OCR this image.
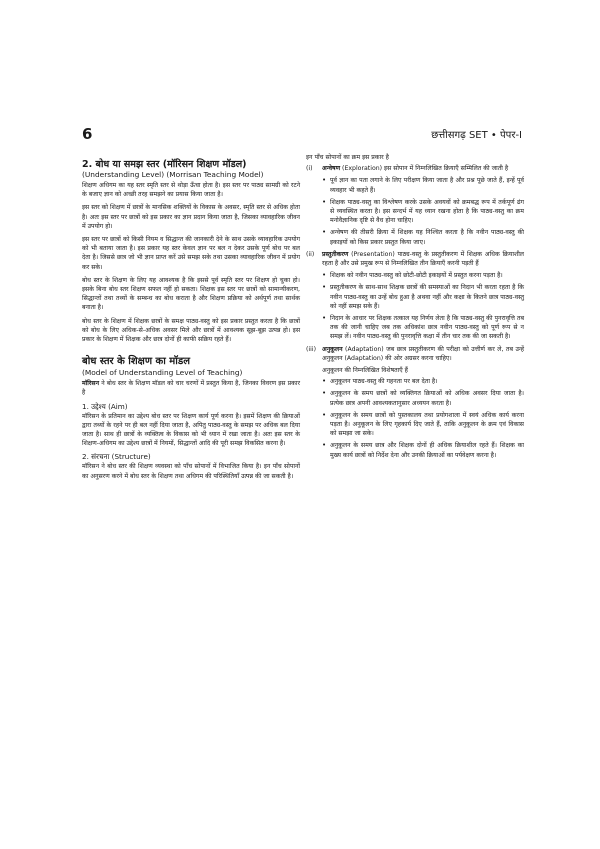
6	छत्तीसगढ़ SET • पेपर-I
2. बोध या समझ स्तर (मॉरिसन शिक्षण मॉडल)
(Understanding Level) (Morrisan Teaching Model)

शिक्षण अधिगम का यह स्तर स्मृति स्तर से थोड़ा ऊँचा होता है। इस स्तर पर पाठ्य सामग्री को रटने के बजाए ज्ञान को अच्छी तरह समझने का प्रयास किया जाता है।

इस स्तर को शिक्षण में छात्रों के मानसिक शक्तियों के विकास के अवसर, स्मृति स्तर से अधिक होता है। अतः इस स्तर पर छात्रों को इस प्रकार का ज्ञान प्रदान किया जाता है, जिसका व्यावहारिक जीवन में उपयोग हो।

इस स्तर पर छात्रों को किसी नियम व सिद्धान्त की जानकारी देने के साथ उसके व्यावहारिक उपयोग को भी बताया जाता है। इस प्रकार यह स्तर केवल ज्ञान पर बल न देकर उसके पूर्ण बोध पर बल देता है। जिससे छात्र जो भी ज्ञान प्राप्त करें उसे समझ सके तथा उसका व्यावहारिक जीवन में प्रयोग कर सके।

बोध स्तर के शिक्षण के लिए यह आवश्यक है कि इससे पूर्व स्मृति स्तर पर शिक्षण हो चुका हो। इसके बिना बोध स्तर शिक्षण सफल नहीं हो सकता। शिक्षक इस स्तर पर छात्रों को सामान्यीकरण, सिद्धान्तों तथा तथ्यों के सम्बन्ध का बोध कराता है और शिक्षण प्रक्रिया को अर्थपूर्ण तथा सार्थक बनाता है।

बोध स्तर के शिक्षण में शिक्षक छात्रों के समक्ष पाठ्य-वस्तु को इस प्रकार प्रस्तुत करता है कि छात्रों को बोध के लिए अधिक-से-अधिक अवसर मिले और छात्रों में आवश्यक सूझ-बूझ उत्पन्न हो। इस प्रकार के शिक्षण में शिक्षक और छात्र दोनों ही काफी सक्रिय रहते हैं।

बोध स्तर के शिक्षण का मॉडल
(Model of Understanding Level of Teaching)

मॉरिसन ने बोध स्तर के शिक्षण मॉडल को चार चरणों में प्रस्तुत किया है, जिनका विवरण इस प्रकार है

1. उद्देश्य (Aim)

मॉरिसन के प्रतिमान का उद्देश्य बोध स्तर पर शिक्षण कार्य पूर्ण करना है। इसमें शिक्षण की क्रियाओं द्वारा तथ्यों के रहने पर ही बल नहीं दिया जाता है, अपितु पाठ्य-वस्तु के समझ पर अधिक बल दिया जाता है। साथ ही छात्रों के व्यक्तित्व के विकास को भी ध्यान में रखा जाता है। अतः इस स्तर के शिक्षण-अधिगम का उद्देश्य छात्रों में नियमों, सिद्धान्तों आदि की पूरी समझ विकसित करना है।

2. संरचना (Structure)

मॉरिसन ने बोध स्तर की शिक्षण व्यवस्था को पाँच सोपानों में विभाजित किया है। इन पाँच सोपानों का अनुसरण करने में बोध स्तर के शिक्षण तथा अधिगम की परिस्थितियाँ उत्पन्न की जा सकती है।

इन पाँच सोपानों का क्रम इस प्रकार है

(i) अन्वेषण (Exploration) इस सोपान में निम्नलिखित क्रियाएँ सम्मिलित की जाती है
• पूर्व ज्ञान का पता लगाने के लिए परीक्षण किया जाता है और प्रश्न पूछे जाते हैं, इन्हें पूर्व व्यवहार भी कहते हैं।
• शिक्षक पाठ्य-वस्तु का विश्लेषण करके उसके अवयवों को क्रमबद्ध रूप में तर्कपूर्ण ढंग से व्यवस्थित करता है। इस सन्दर्भ में यह ध्यान रखना होता है कि पाठ्य-वस्तु का क्रम मनोवैज्ञानिक दृष्टि से वैध होना चाहिए।
• अन्वेषण की तीसरी क्रिया में शिक्षक यह निश्चित करता है कि नवीन पाठ्य-वस्तु की इकाइयों को किस प्रकार प्रस्तुत किया जाए।
(ii) प्रस्तुतीकरण (Presentation) पाठ्य-वस्तु के प्रस्तुतीकरण में शिक्षक अधिक क्रियाशील रहता है और उसे प्रमुख रूप से निम्नलिखित तीन क्रियाएँ करनी पड़ती हैं
• शिक्षक को नवीन पाठ्य-वस्तु को छोटी-छोटी इकाइयों में प्रस्तुत करना पड़ता है।
• प्रस्तुतीकरण के साथ-साथ शिक्षक छात्रों की समस्याओं का निदान भी करता रहता है कि नवीन पाठ्य-वस्तु का उन्हें बोध हुआ है अथवा नहीं और कक्षा के कितने छात्र पाठ्य-वस्तु को नहीं समझ सके हैं।
• निदान के आधार पर शिक्षक तत्काल यह निर्णय लेता है कि पाठ्य-वस्तु की पुनरावृत्ति तब तक की जानी चाहिए जब तक अधिकांश छात्र नवीन पाठ्य-वस्तु को पूर्ण रूप से न समझ लें। नवीन पाठ्य-वस्तु की पुनरावृत्ति कक्षा में तीन चार तक की जा सकती है।
(iii) अनुकूलन (Adaptation) जब छात्र प्रस्तुतीकरण की परीक्षा को उत्तीर्ण कर ले, तब उन्हें अनुकूलन (Adaptation) की ओर अग्रसर करना चाहिए।

अनुकूलन की निम्नलिखित विशेषताएँ हैं

• अनुकूलन पाठ्य-वस्तु की गहनता पर बल देता है।
• अनुकूलन के समय छात्रों को व्यक्तिगत क्रियाओं को अधिक अवसर दिया जाता है। प्रत्येक छात्र अपनी आवश्यकतानुसार अध्ययन करता है।
• अनुकूलन के समय छात्रों को पुस्तकालय तथा प्रयोगशाला में स्वयं अधिक कार्य करना पड़ता है। अनुकूलन के लिए गृहकार्य दिए जाते हैं, ताकि अनुकूलन के क्रम एवं विकास को समझा जा सके।
• अनुकूलन के समय छात्र और शिक्षक दोनों ही अधिक क्रियाशील रहते हैं। शिक्षक का मुख्य कार्य छात्रों को निर्देश देना और उनकी क्रियाओं का पर्यवेक्षण करना है।
